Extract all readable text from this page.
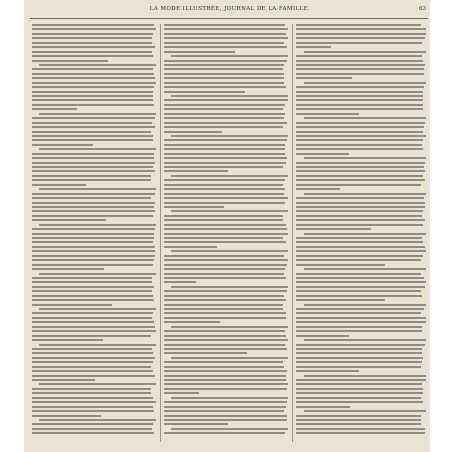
LA MODE ILLUSTRÉE, JOURNAL DE LA FAMILLE.	63
